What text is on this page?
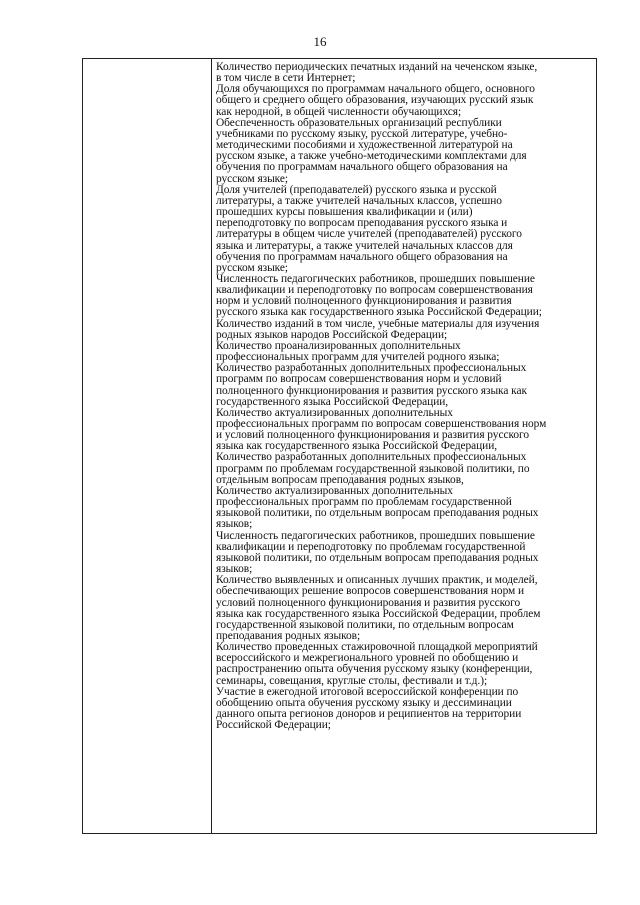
16
Количество периодических печатных изданий на чеченском языке,
в том числе в сети Интернет;
Доля обучающихся по программам начального общего, основного
общего и среднего общего образования, изучающих русский язык
как неродной, в общей численности обучающихся;
Обеспеченность образовательных организаций республики
учебниками по русскому языку, русской литературе, учебно-
методическими пособиями и художественной литературой на
русском языке, а также учебно-методическими комплектами для
обучения по программам начального общего образования на
русском языке;
Доля учителей (преподавателей) русского языка и русской
литературы, а также учителей начальных классов, успешно
прошедших курсы повышения квалификации и (или)
переподготовку по вопросам преподавания русского языка и
литературы в общем числе учителей (преподавателей) русского
языка и литературы, а также учителей начальных классов для
обучения по программам начального общего образования на
русском языке;
Численность педагогических работников, прошедших повышение
квалификации и переподготовку по вопросам совершенствования
норм и условий полноценного функционирования и развития
русского языка как государственного языка Российской Федерации;
Количество изданий в том числе, учебные материалы для изучения
родных языков народов Российской Федерации;
Количество проанализированных дополнительных
профессиональных программ для учителей родного языка;
Количество разработанных дополнительных профессиональных
программ по вопросам совершенствования норм и условий
полноценного функционирования и развития русского языка как
государственного языка Российской Федерации,
Количество актуализированных дополнительных
профессиональных программ по вопросам совершенствования норм
и условий полноценного функционирования и развития русского
языка как государственного языка Российской Федерации,
Количество разработанных дополнительных профессиональных
программ по проблемам государственной языковой политики, по
отдельным вопросам преподавания родных языков,
Количество актуализированных дополнительных
профессиональных программ по проблемам государственной
языковой политики, по отдельным вопросам преподавания родных
языков;
Численность педагогических работников, прошедших повышение
квалификации и переподготовку по проблемам государственной
языковой политики, по отдельным вопросам преподавания родных
языков;
Количество выявленных и описанных лучших практик, и моделей,
обеспечивающих решение вопросов совершенствования норм и
условий полноценного функционирования и развития русского
языка как государственного языка Российской Федерации, проблем
государственной языковой политики, по отдельным вопросам
преподавания родных языков;
Количество проведенных стажировочной площадкой мероприятий
всероссийского и межрегионального уровней по обобщению и
распространению опыта обучения русскому языку (конференции,
семинары, совещания, круглые столы, фестивали и т.д.);
Участие в ежегодной итоговой всероссийской конференции по
обобщению опыта обучения русскому языку и дессиминации
данного опыта регионов доноров и реципиентов на территории
Российской Федерации;
